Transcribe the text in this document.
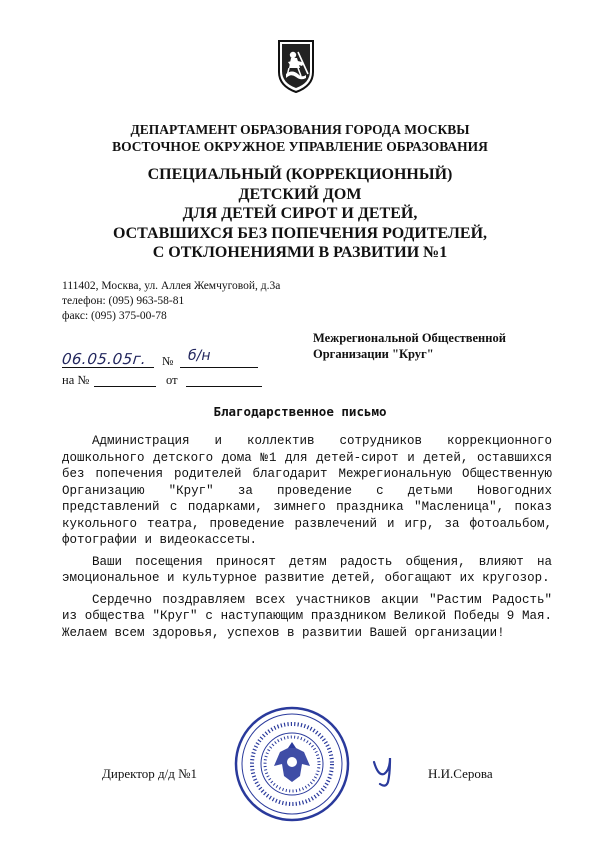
ДЕПАРТАМЕНТ ОБРАЗОВАНИЯ ГОРОДА МОСКВЫ
ВОСТОЧНОЕ ОКРУЖНОЕ УПРАВЛЕНИЕ ОБРАЗОВАНИЯ
СПЕЦИАЛЬНЫЙ (КОРРЕКЦИОННЫЙ)
ДЕТСКИЙ ДОМ
ДЛЯ ДЕТЕЙ СИРОТ И ДЕТЕЙ,
ОСТАВШИХСЯ БЕЗ ПОПЕЧЕНИЯ РОДИТЕЛЕЙ,
С ОТКЛОНЕНИЯМИ В РАЗВИТИИ №1
111402, Москва, ул. Аллея Жемчуговой, д.3а
телефон: (095) 963-58-81
факс: (095) 375-00-78
Межрегиональной Общественной
Организации "Круг"
06.05.05г. № б/н
на №	от
Благодарственное письмо

Администрация и коллектив сотрудников коррекционного дошкольного детского дома №1 для детей-сирот и детей, оставшихся без попечения родителей благодарит Межрегиональную Общественную Организацию "Круг" за проведение с детьми Новогодних представлений с подарками, зимнего праздника "Масленица", показ кукольного театра, проведение развлечений и игр, за фотоальбом, фотографии и видеокассеты.

Ваши посещения приносят детям радость общения, влияют на эмоциональное и культурное развитие детей, обогащают их кругозор.

Сердечно поздравляем всех участников акции "Растим Радость" из общества "Круг" с наступающим праздником Великой Победы 9 Мая. Желаем всем здоровья, успехов в развитии Вашей организации!

Директор д/д №1	Н.И.Серова
